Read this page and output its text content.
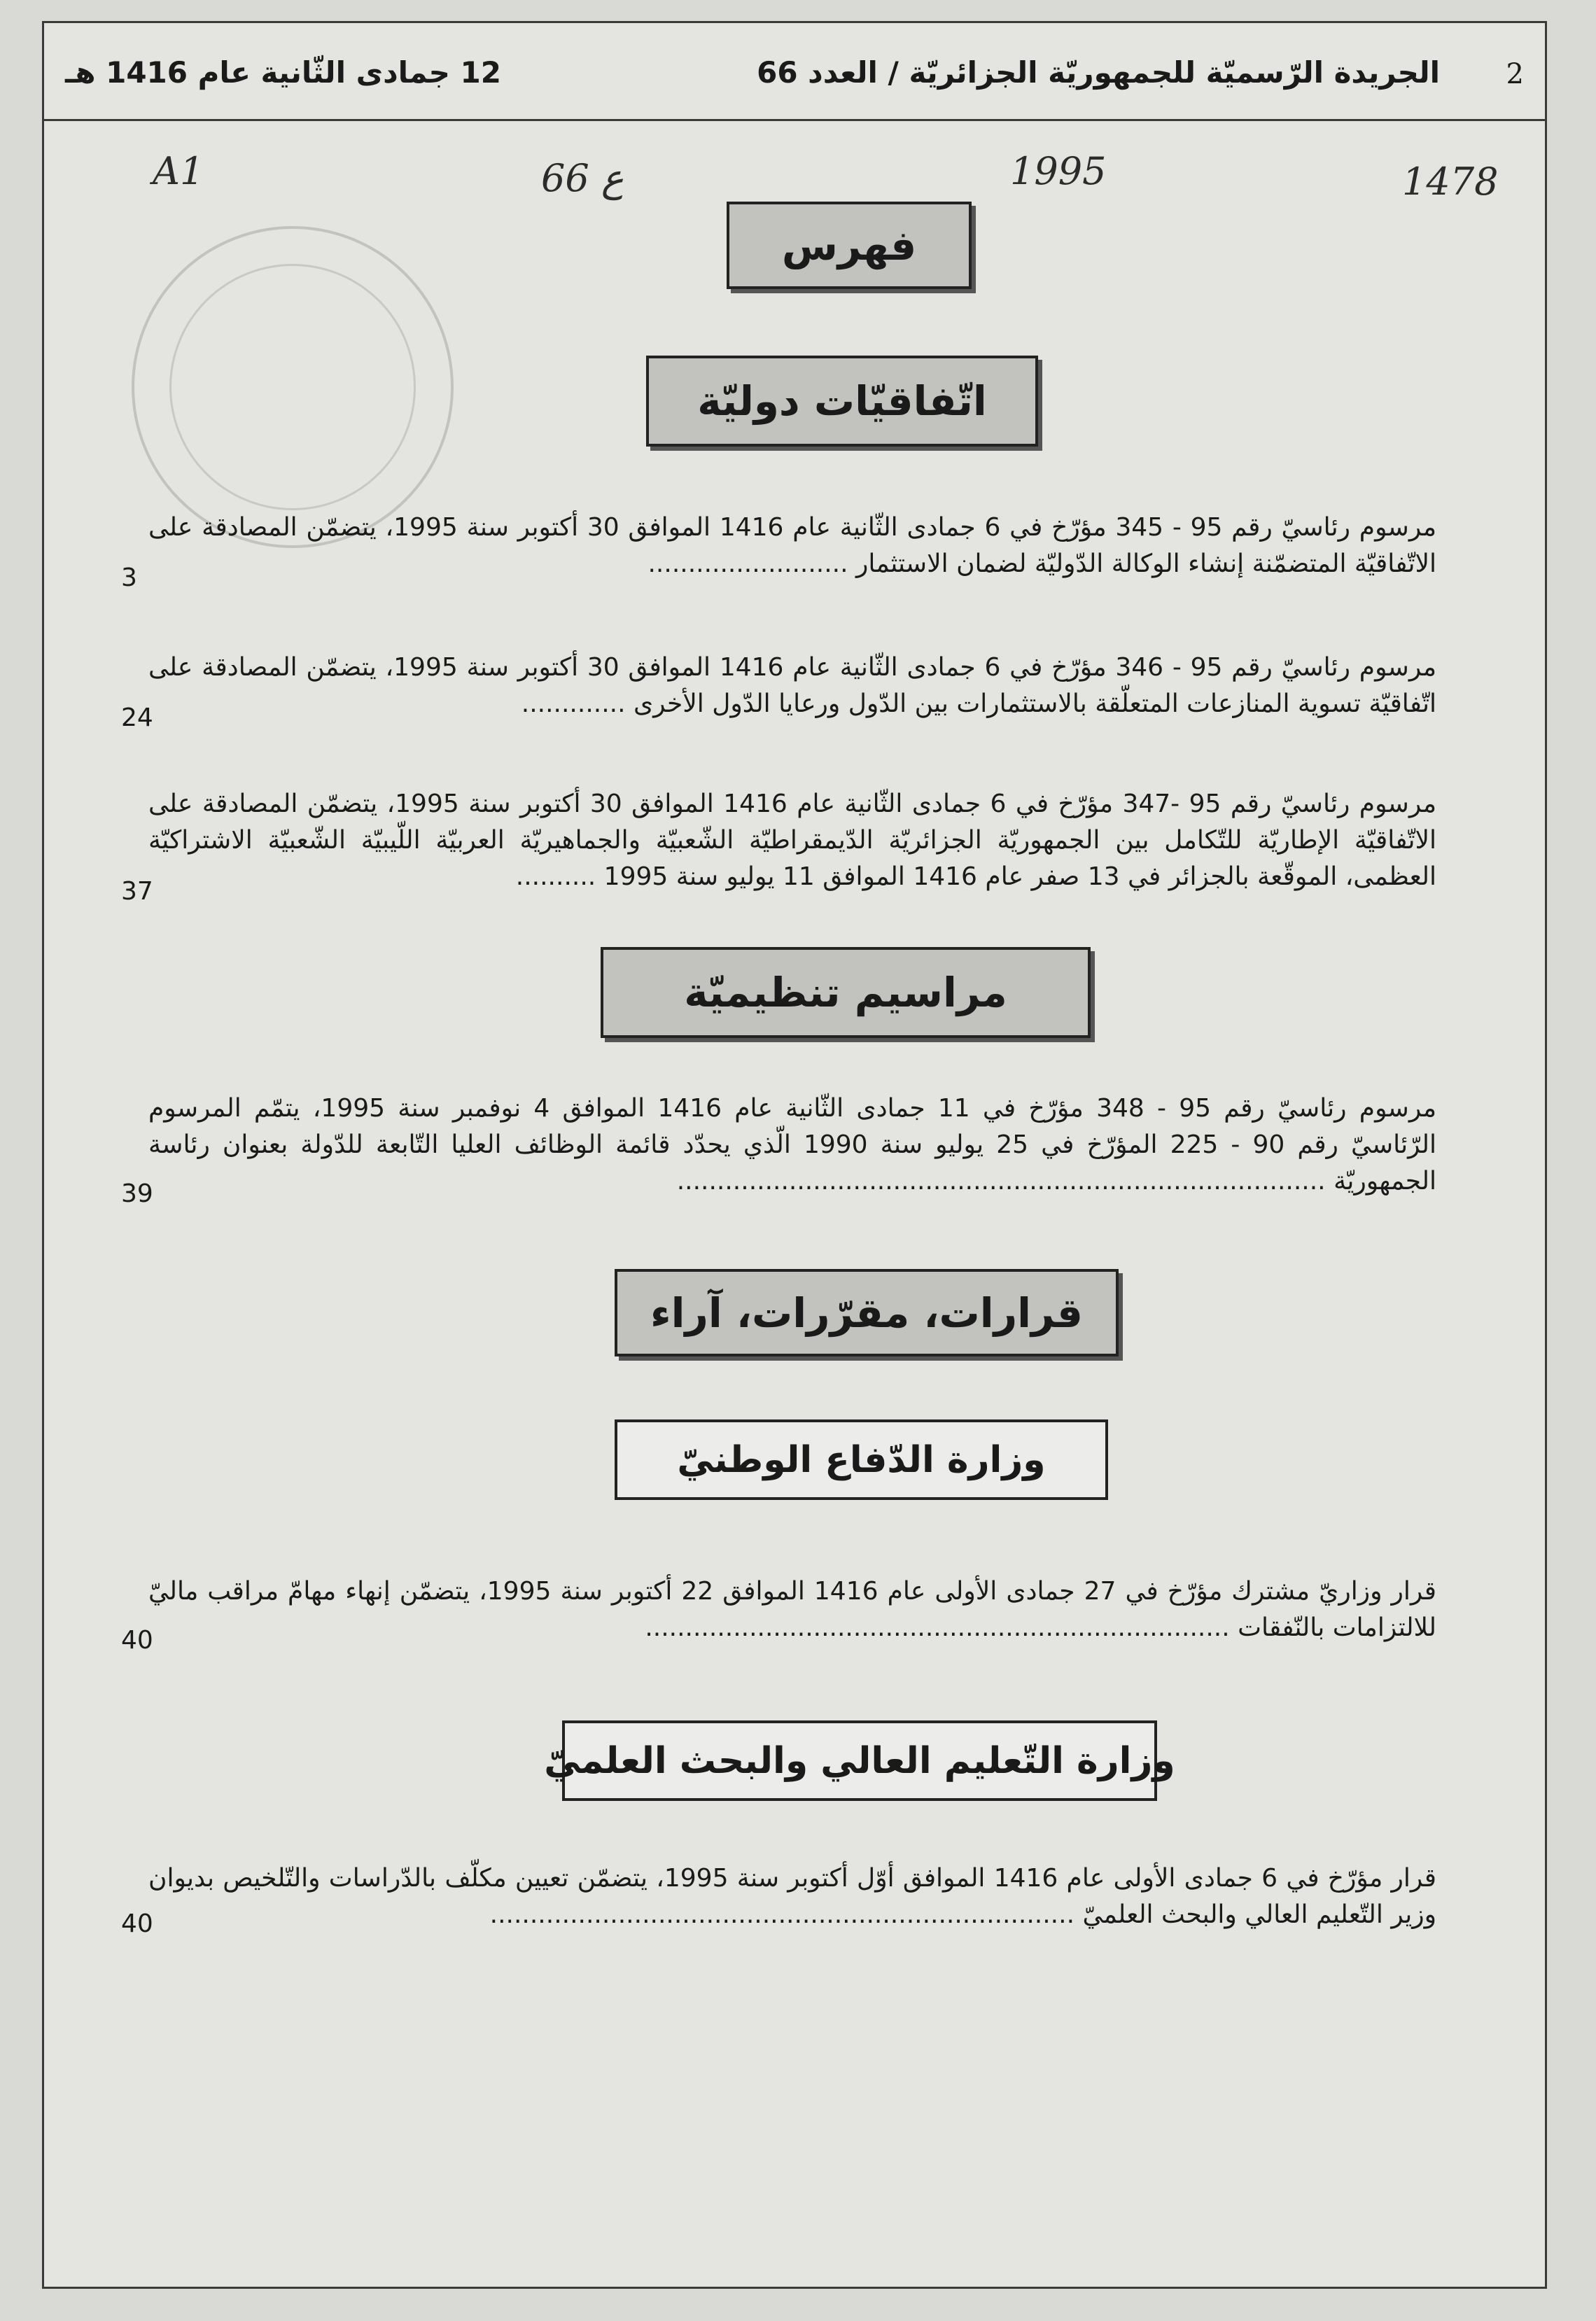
2
الجريدة الرّسميّة للجمهوريّة الجزائريّة / العدد 66
12 جمادى الثّانية عام 1416 هـ
A1	66 ع	1995	1478
فهرس
اتّفاقيّات دوليّة
مرسوم رئاسيّ رقم 95 - 345 مؤرّخ في 6 جمادى الثّانية عام 1416 الموافق 30 أكتوبر سنة 1995، يتضمّن المصادقة على الاتّفاقيّة المتضمّنة إنشاء الوكالة الدّوليّة لضمان الاستثمار .........................
3
مرسوم رئاسيّ رقم 95 - 346 مؤرّخ في 6 جمادى الثّانية عام 1416 الموافق 30 أكتوبر سنة 1995، يتضمّن المصادقة على اتّفاقيّة تسوية المنازعات المتعلّقة بالاستثمارات بين الدّول ورعايا الدّول الأخرى .............
24
مرسوم رئاسيّ رقم 95 -347 مؤرّخ في 6 جمادى الثّانية عام 1416 الموافق 30 أكتوبر سنة 1995، يتضمّن المصادقة على الاتّفاقيّة الإطاريّة للتّكامل بين الجمهوريّة الجزائريّة الدّيمقراطيّة الشّعبيّة والجماهيريّة العربيّة اللّيبيّة الشّعبيّة الاشتراكيّة العظمى، الموقّعة بالجزائر في 13 صفر عام 1416 الموافق 11 يوليو سنة 1995 ..........
37
مراسيم تنظيميّة
مرسوم رئاسيّ رقم 95 - 348 مؤرّخ في 11 جمادى الثّانية عام 1416 الموافق 4 نوفمبر سنة 1995، يتمّم المرسوم الرّئاسيّ رقم 90 - 225 المؤرّخ في 25 يوليو سنة 1990 الّذي يحدّد قائمة الوظائف العليا التّابعة للدّولة بعنوان رئاسة الجمهوريّة .................................................................................
39
قرارات، مقرّرات، آراء
وزارة الدّفاع الوطنيّ
قرار وزاريّ مشترك مؤرّخ في 27 جمادى الأولى عام 1416 الموافق 22 أكتوبر سنة 1995، يتضمّن إنهاء مهامّ مراقب ماليّ للالتزامات بالنّفقات .........................................................................
40
وزارة التّعليم العالي والبحث العلميّ
قرار مؤرّخ في 6 جمادى الأولى عام 1416 الموافق أوّل أكتوبر سنة 1995، يتضمّن تعيين مكلّف بالدّراسات والتّلخيص بديوان وزير التّعليم العالي والبحث العلميّ .........................................................................
40
